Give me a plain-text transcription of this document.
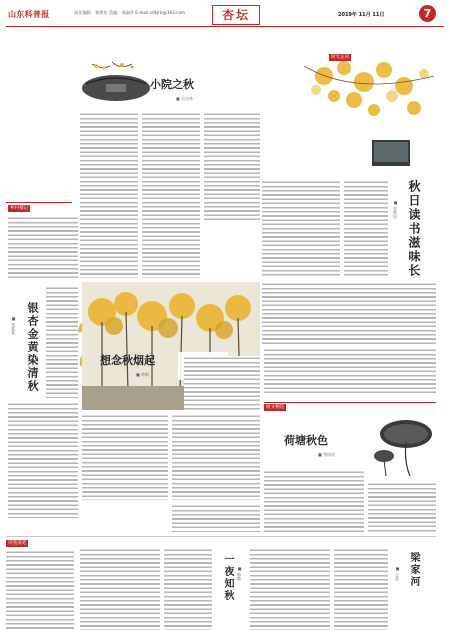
山东科普报	责任编辑：郑增东 美编：邢淑萍 E-mail:sdkjrb@163.com	杏坛	2019年 11月 11日	7
小院之秋
■ 吴克林
时光走读
秋日读书滋味长
■ 张新岩
乡村摄记
银杏金黄染清秋
■ 张某某
想念秋烟起
■ 李梅
散文精选
荷塘秋色
■ 李国庆
诗苑漫笔
一夜知秋	■ 韩晓	梁家河
■ 王进
